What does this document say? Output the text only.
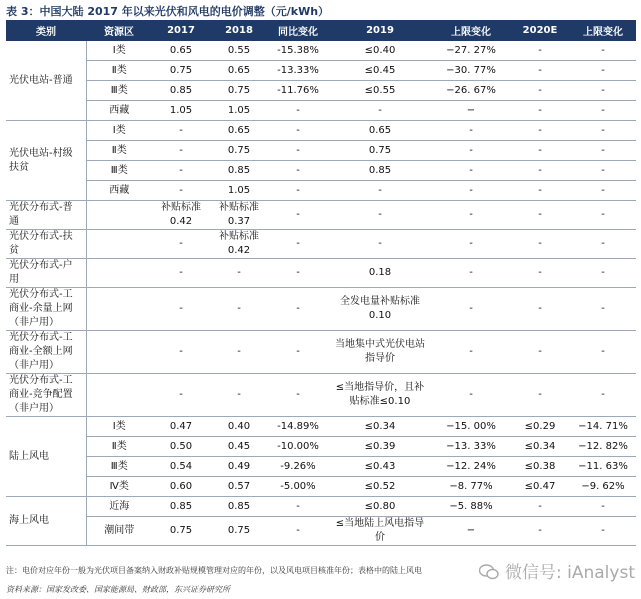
表 3：中国大陆 2017 年以来光伏和风电的电价调整（元/kWh）
类别	资源区	2017	2018	同比变化	2019	上限变化	2020E	上限变化
光伏电站-普通	Ⅰ类	0.65	0.55	-15.38%	≤0.40	−27. 27%	-	-
	Ⅱ类	0.75	0.65	-13.33%	≤0.45	−30. 77%	-	-
	Ⅲ类	0.85	0.75	-11.76%	≤0.55	−26. 67%	-	-
	西藏	1.05	1.05	-	-	−	-	-
光伏电站-村级扶贫	Ⅰ类	-	0.65	-	0.65	-	-	-
	Ⅱ类	-	0.75	-	0.75	-	-	-
	Ⅲ类	-	0.85	-	0.85	-	-	-
	西藏	-	1.05	-	-	-	-	-
光伏分布式-普通		补贴标准 0.42	补贴标准 0.37	-	-	-	-	-
光伏分布式-扶贫		-	补贴标准 0.42	-	-	-	-	-
光伏分布式-户用		-	-	-	0.18	-	-	-
光伏分布式-工商业-余量上网（非户用）		-	-	-	全发电量补贴标准 0.10	-	-	-
光伏分布式-工商业-全额上网（非户用）		-	-	-	当地集中式光伏电站指导价	-	-	-
光伏分布式-工商业-竞争配置（非户用）		-	-	-	≤当地指导价，且补贴标准≤0.10	-	-	-
陆上风电	Ⅰ类	0.47	0.40	-14.89%	≤0.34	−15. 00%	≤0.29	−14. 71%
	Ⅱ类	0.50	0.45	-10.00%	≤0.39	−13. 33%	≤0.34	−12. 82%
	Ⅲ类	0.54	0.49	-9.26%	≤0.43	−12. 24%	≤0.38	−11. 63%
	Ⅳ类	0.60	0.57	-5.00%	≤0.52	−8. 77%	≤0.47	−9. 62%
海上风电	近海	0.85	0.85	-	≤0.80	−5. 88%	-	-
	潮间带	0.75	0.75	-	≤当地陆上风电指导价	−	-	-
注：电价对应年份一般为光伏项目备案纳入财政补贴规模管理对应的年份，以及风电项目核准年份；表格中的陆上风电
资料来源：国家发改委、国家能源局、财政部，东兴证券研究所
微信号: iAnalyst
